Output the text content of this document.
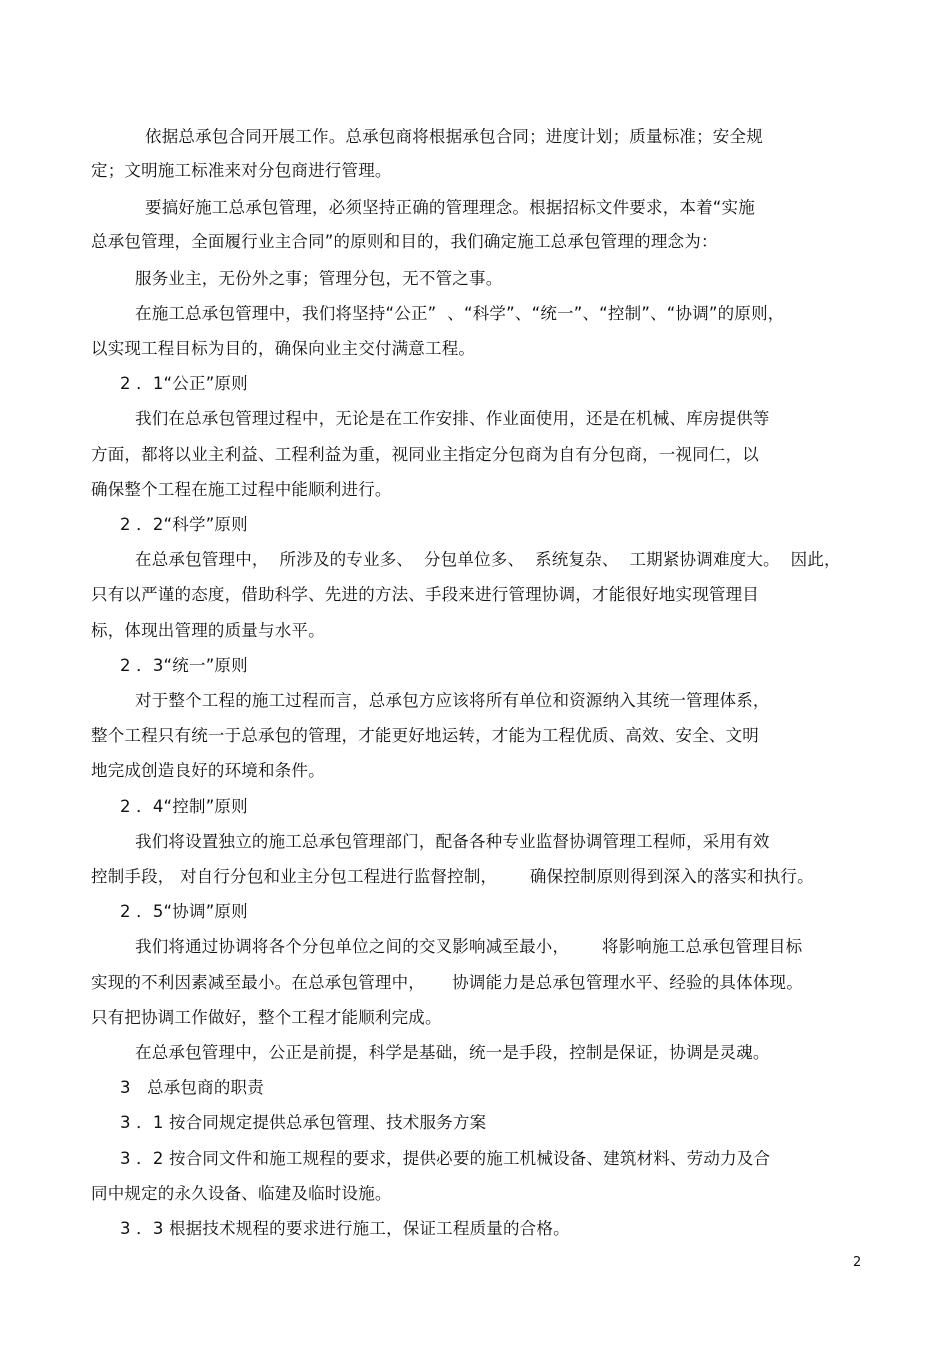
依据总承包合同开展工作。总承包商将根据承包合同；进度计划；质量标准；安全规
定；文明施工标准来对分包商进行管理。
要搞好施工总承包管理，必须坚持正确的管理理念。根据招标文件要求，本着“实施
总承包管理，全面履行业主合同”的原则和目的，我们确定施工总承包管理的理念为：
服务业主，无份外之事；管理分包，无不管之事。
在施工总承包管理中，我们将坚持“公正”  、“科学”、“统一”、“控制”、“协调”的原则，
以实现工程目标为目的，确保向业主交付满意工程。
2 ．1“公正”原则
我们在总承包管理过程中，无论是在工作安排、作业面使用，还是在机械、库房提供等
方面，都将以业主利益、工程利益为重，视同业主指定分包商为自有分包商，一视同仁，以
确保整个工程在施工过程中能顺利进行。
2 ．2“科学”原则
在总承包管理中，  所涉及的专业多、  分包单位多、  系统复杂、  工期紧协调难度大。  因此，
只有以严谨的态度，借助科学、先进的方法、手段来进行管理协调，才能很好地实现管理目
标，体现出管理的质量与水平。
2 ．3“统一”原则
对于整个工程的施工过程而言，总承包方应该将所有单位和资源纳入其统一管理体系，
整个工程只有统一于总承包的管理，才能更好地运转，才能为工程优质、高效、安全、文明
地完成创造良好的环境和条件。
2 ．4“控制”原则
我们将设置独立的施工总承包管理部门，配备各种专业监督协调管理工程师，采用有效
控制手段， 对自行分包和业主分包工程进行监督控制，      确保控制原则得到深入的落实和执行。
2 ．5“协调”原则
我们将通过协调将各个分包单位之间的交叉影响减至最小，      将影响施工总承包管理目标
实现的不利因素减至最小。在总承包管理中，     协调能力是总承包管理水平、经验的具体体现。
只有把协调工作做好，整个工程才能顺利完成。
在总承包管理中，公正是前提，科学是基础，统一是手段，控制是保证，协调是灵魂。
3   总承包商的职责
3 ．1 按合同规定提供总承包管理、技术服务方案
3 ．2 按合同文件和施工规程的要求，提供必要的施工机械设备、建筑材料、劳动力及合
同中规定的永久设备、临建及临时设施。
3 ．3 根据技术规程的要求进行施工，保证工程质量的合格。
2
